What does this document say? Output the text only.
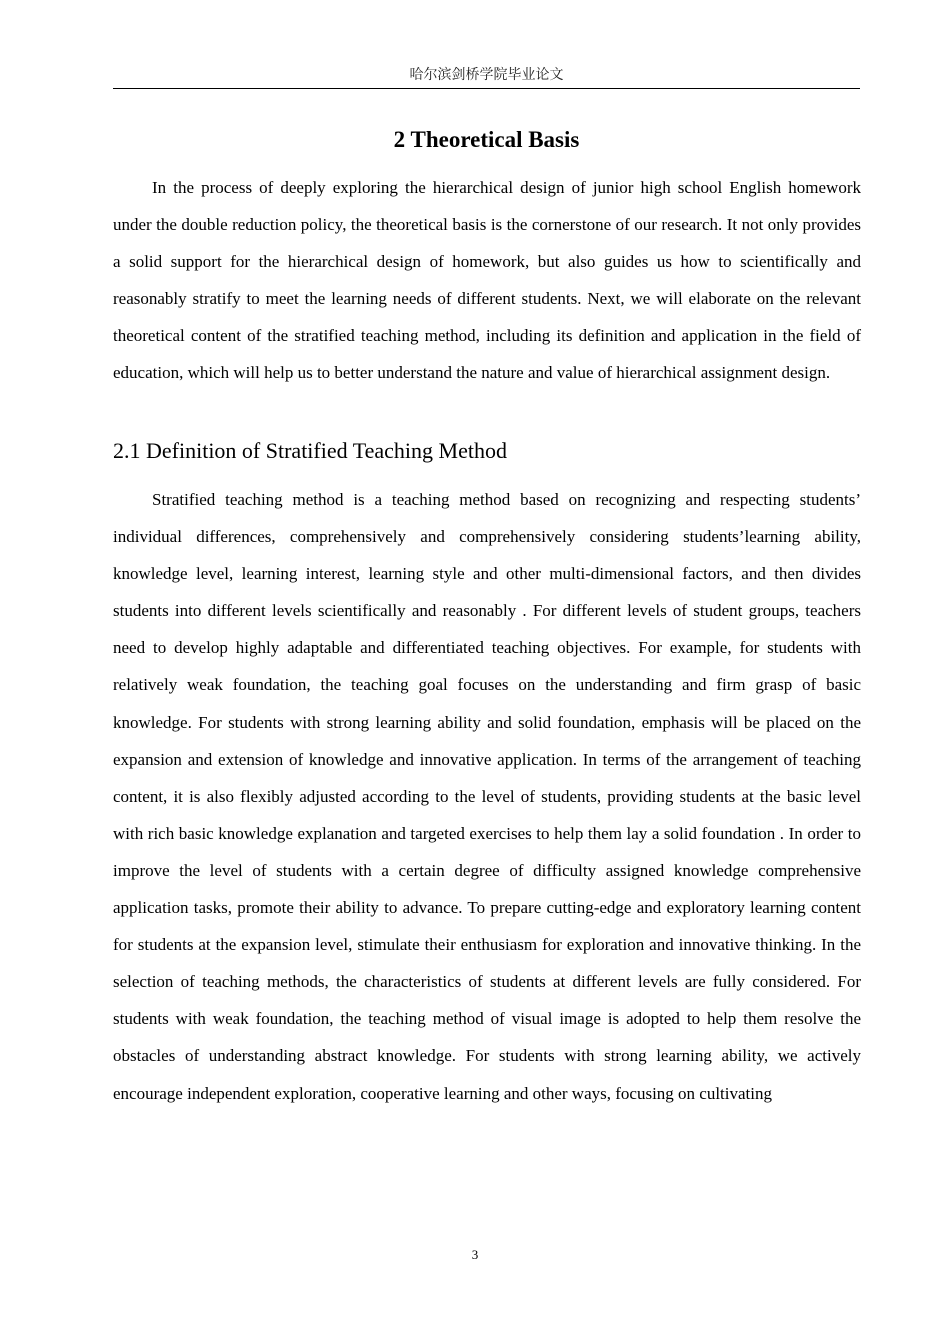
哈尔滨剑桥学院毕业论文
2 Theoretical Basis

In the process of deeply exploring the hierarchical design of junior high school English homework under the double reduction policy, the theoretical basis is the cornerstone of our research. It not only provides a solid support for the hierarchical design of homework, but also guides us how to scientifically and reasonably stratify to meet the learning needs of different students. Next, we will elaborate on the relevant theoretical content of the stratified teaching method, including its definition and application in the field of education, which will help us to better understand the nature and value of hierarchical assignment design.

2.1 Definition of Stratified Teaching Method

Stratified teaching method is a teaching method based on recognizing and respecting students’ individual differences, comprehensively and comprehensively considering students’learning ability, knowledge level, learning interest, learning style and other multi-dimensional factors, and then divides students into different levels scientifically and reasonably . For different levels of student groups, teachers need to develop highly adaptable and differentiated teaching objectives. For example, for students with relatively weak foundation, the teaching goal focuses on the understanding and firm grasp of basic knowledge. For students with strong learning ability and solid foundation, emphasis will be placed on the expansion and extension of knowledge and innovative application. In terms of the arrangement of teaching content, it is also flexibly adjusted according to the level of students, providing students at the basic level with rich basic knowledge explanation and targeted exercises to help them lay a solid foundation . In order to improve the level of students with a certain degree of difficulty assigned knowledge comprehensive application tasks, promote their ability to advance. To prepare cutting-edge and exploratory learning content for students at the expansion level, stimulate their enthusiasm for exploration and innovative thinking. In the selection of teaching methods, the characteristics of students at different levels are fully considered. For students with weak foundation, the teaching method of visual image is adopted to help them resolve the obstacles of understanding abstract knowledge. For students with strong learning ability, we actively encourage independent exploration, cooperative learning and other ways, focusing on cultivating

3
